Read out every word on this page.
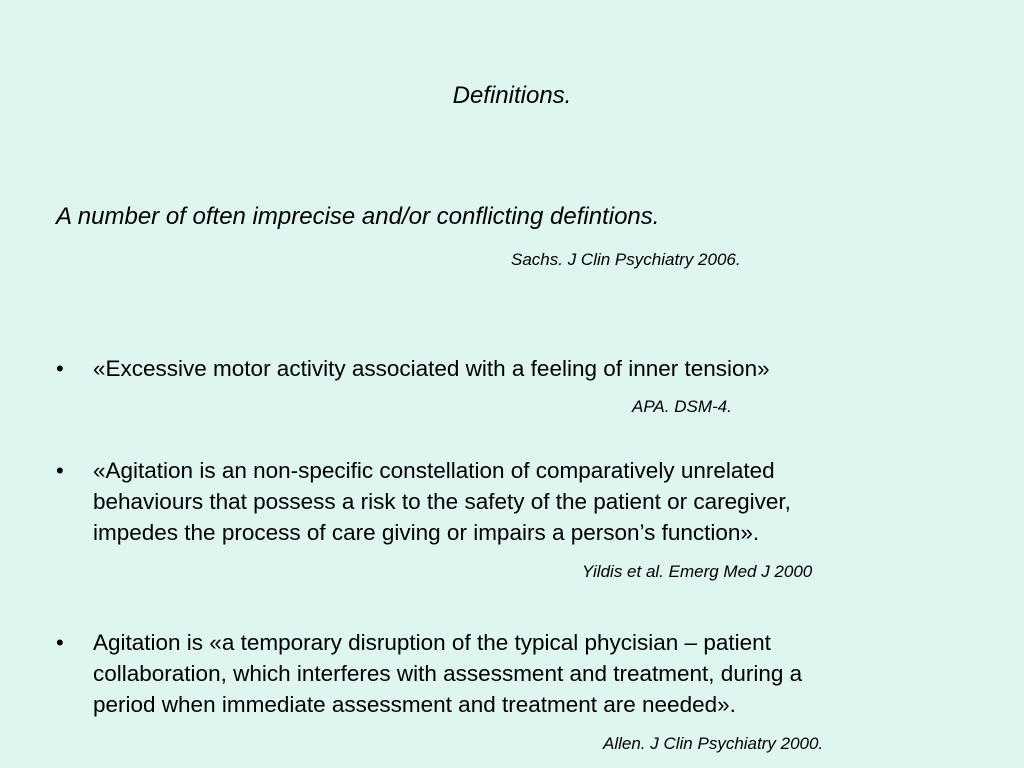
Definitions.
A number of often imprecise and/or conflicting defintions.
Sachs. J Clin Psychiatry 2006.
• «Excessive motor activity associated with a feeling of inner tension»
APA. DSM-4.
• «Agitation is an non-specific constellation of comparatively unrelated
behaviours that possess a risk to the safety of the patient or caregiver,
impedes the process of care giving or impairs a person’s function».
Yildis et al. Emerg Med J 2000
• Agitation is «a temporary disruption of the typical phycisian – patient
collaboration, which interferes with assessment and treatment, during a
period when immediate assessment and treatment are needed».
Allen. J Clin Psychiatry 2000.
